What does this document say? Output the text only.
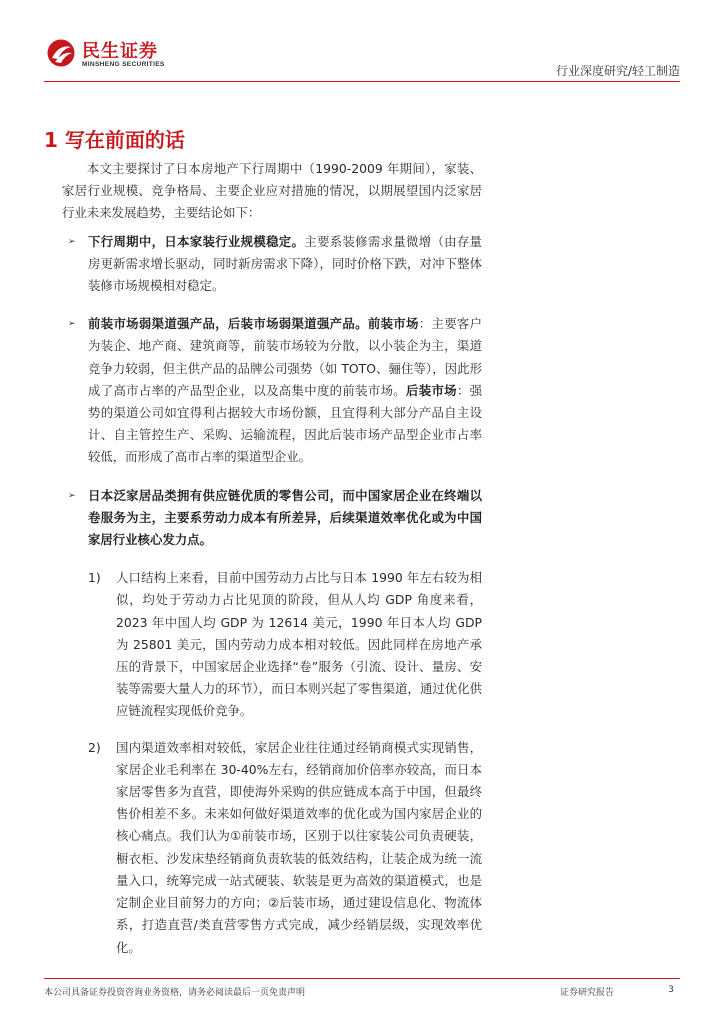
民生证券
MINSHENG SECURITIES	行业深度研究/轻工制造
1 写在前面的话

本文主要探讨了日本房地产下行周期中（1990-2009 年期间），家装、家居行业规模、竞争格局、主要企业应对措施的情况，以期展望国内泛家居行业未来发展趋势，主要结论如下：

➢ 下行周期中，日本家装行业规模稳定。主要系装修需求量微增（由存量房更新需求增长驱动，同时新房需求下降），同时价格下跌，对冲下整体装修市场规模相对稳定。
➢ 前装市场弱渠道强产品，后装市场弱渠道强产品。前装市场：主要客户为装企、地产商、建筑商等，前装市场较为分散，以小装企为主，渠道竞争力较弱，但主供产品的品牌公司强势（如 TOTO、骊住等），因此形成了高市占率的产品型企业，以及高集中度的前装市场。后装市场：强势的渠道公司如宜得利占据较大市场份额，且宜得利大部分产品自主设计、自主管控生产、采购、运输流程，因此后装市场产品型企业市占率较低，而形成了高市占率的渠道型企业。
➢ 日本泛家居品类拥有供应链优质的零售公司，而中国家居企业在终端以卷服务为主，主要系劳动力成本有所差异，后续渠道效率优化或为中国家居行业核心发力点。
1) 人口结构上来看，目前中国劳动力占比与日本 1990 年左右较为相似，均处于劳动力占比见顶的阶段，但从人均 GDP 角度来看，2023 年中国人均 GDP 为 12614 美元，1990 年日本人均 GDP 为 25801 美元，国内劳动力成本相对较低。因此同样在房地产承压的背景下，中国家居企业选择“卷”服务（引流、设计、量房、安装等需要大量人力的环节），而日本则兴起了零售渠道，通过优化供应链流程实现低价竞争。
2) 国内渠道效率相对较低，家居企业往往通过经销商模式实现销售，家居企业毛利率在 30-40%左右，经销商加价倍率亦较高，而日本家居零售多为直营，即使海外采购的供应链成本高于中国，但最终售价相差不多。未来如何做好渠道效率的优化或为国内家居企业的核心痛点。我们认为①前装市场，区别于以往家装公司负责硬装，橱衣柜、沙发床垫经销商负责软装的低效结构，让装企成为统一流量入口，统筹完成一站式硬装、软装是更为高效的渠道模式，也是定制企业目前努力的方向；②后装市场，通过建设信息化、物流体系，打造直营/类直营零售方式完成，减少经销层级，实现效率优化。
本公司具备证券投资咨询业务资格，请务必阅读最后一页免责声明	证券研究报告	3
